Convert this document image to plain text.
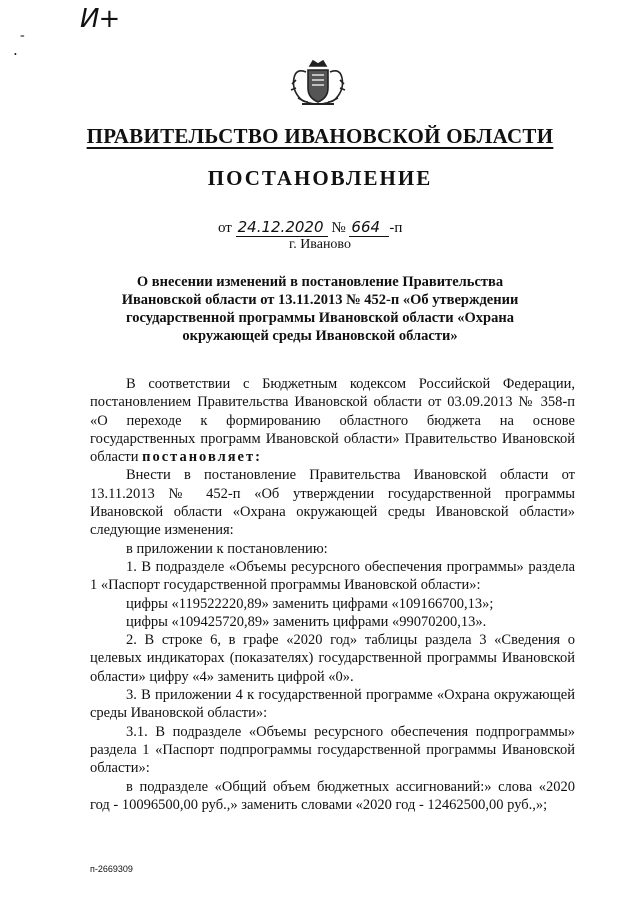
И+
-
•
ПРАВИТЕЛЬСТВО ИВАНОВСКОЙ ОБЛАСТИ
ПОСТАНОВЛЕНИЕ
от 24.12.2020 № 664 -п
г. Иваново
О внесении изменений в постановление Правительства Ивановской области от 13.11.2013 № 452-п «Об утверждении государственной программы Ивановской области «Охрана окружающей среды Ивановской области»

В соответствии с Бюджетным кодексом Российской Федерации, постановлением Правительства Ивановской области от 03.09.2013 № 358-п «О переходе к формированию областного бюджета на основе государственных программ Ивановской области» Правительство Ивановской области постановляет:

Внести в постановление Правительства Ивановской области от 13.11.2013 № 452-п «Об утверждении государственной программы Ивановской области «Охрана окружающей среды Ивановской области» следующие изменения:

в приложении к постановлению:

1. В подразделе «Объемы ресурсного обеспечения программы» раздела 1 «Паспорт государственной программы Ивановской области»:

цифры «119522220,89» заменить цифрами «109166700,13»;

цифры «109425720,89» заменить цифрами «99070200,13».

2. В строке 6, в графе «2020 год» таблицы раздела 3 «Сведения о целевых индикаторах (показателях) государственной программы Ивановской области» цифру «4» заменить цифрой «0».

3. В приложении 4 к государственной программе «Охрана окружающей среды Ивановской области»:

3.1. В подразделе «Объемы ресурсного обеспечения подпрограммы» раздела 1 «Паспорт подпрограммы государственной программы Ивановской области»:

в подразделе «Общий объем бюджетных ассигнований:» слова «2020 год - 10096500,00 руб.,» заменить словами «2020 год - 12462500,00 руб.,»;

п-2669309
